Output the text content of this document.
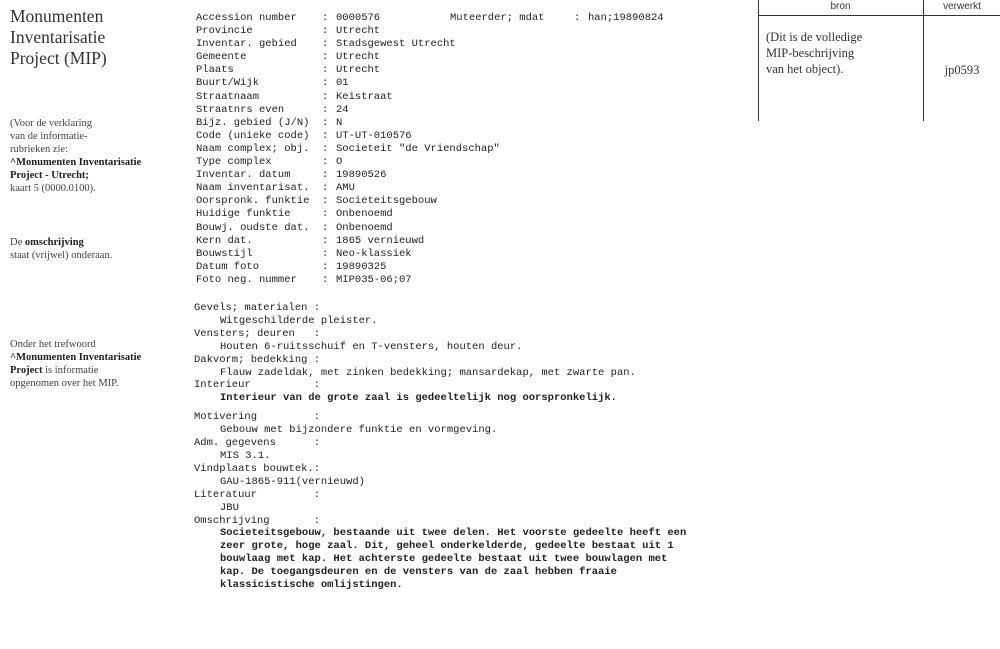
Monumenten
Inventarisatie
Project (MIP)
(Voor de verklaring
van de informatie-
rubrieken zie:
^Monumenten Inventarisatie
Project - Utrecht;
kaart 5 (0000.0100).
De omschrijving
staat (vrijwel) onderaan.
Onder het trefwoord
^Monumenten Inventarisatie
Project is informatie
opgenomen over het MIP.
Accession number	: 0000576
Provincie	: Utrecht
Inventar. gebied	: Stadsgewest Utrecht
Gemeente	: Utrecht
Plaats	: Utrecht
Buurt/Wijk	: 01
Straatnaam	: Keistraat
Straatnrs even	: 24
Bijz. gebied (J/N)	: N
Code (unieke code)	: UT-UT-010576
Naam complex; obj.	: Societeit "de Vriendschap"
Type complex	: O
Inventar. datum	: 19890526
Naam inventarisat.	: AMU
Oorspronk. funktie	: Societeitsgebouw
Huidige funktie	: Onbenoemd
Bouwj. oudste dat.	: Onbenoemd
Kern dat.	: 1865 vernieuwd
Bouwstijl	: Neo-klassiek
Datum foto	: 19890325
Foto neg. nummer	: MIP035-06;07
Muteerder; mdat	: han;19890824
Gevels; materialen :
Witgeschilderde pleister.
Vensters; deuren   :
Houten 6-ruitsschuif en T-vensters, houten deur.
Dakvorm; bedekking :
Flauw zadeldak, met zinken bedekking; mansardekap, met zwarte pan.
Interieur          :
Interieur van de grote zaal is gedeeltelijk nog oorspronkelijk.
Motivering         :
Gebouw met bijzondere funktie en vormgeving.
Adm. gegevens      :
MIS 3.1.
Vindplaats bouwtek.:
GAU-1865-911(vernieuwd)
Literatuur         :
JBU
Omschrijving       :
Societeitsgebouw, bestaande uit twee delen. Het voorste gedeelte heeft een
zeer grote, hoge zaal. Dit, geheel onderkelderde, gedeelte bestaat uit 1
bouwlaag met kap. Het achterste gedeelte bestaat uit twee bouwlagen met
kap. De toegangsdeuren en de vensters van de zaal hebben fraaie
klassicistische omlijstingen.
bron	verwerkt
(Dit is de volledige
MIP-beschrijving
van het object).	jp0593
